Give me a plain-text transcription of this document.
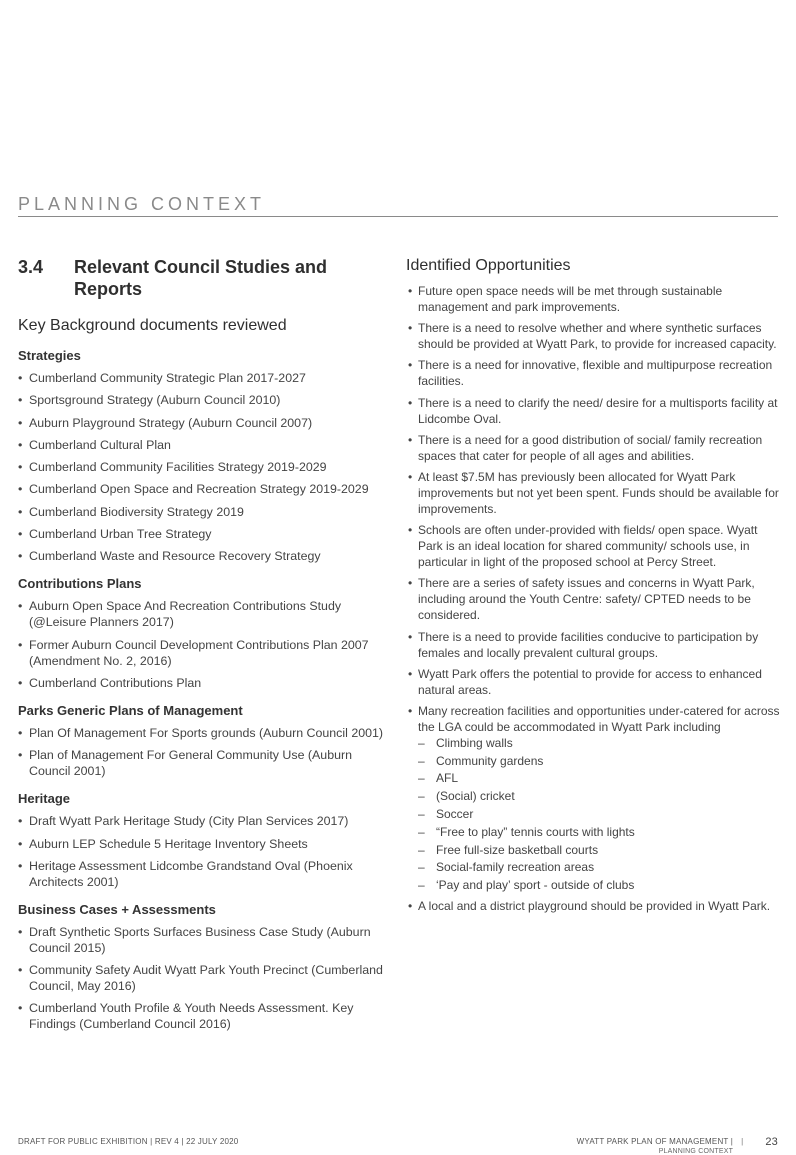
PLANNING CONTEXT
3.4	Relevant Council Studies and Reports
Key Background documents reviewed
Strategies
• Cumberland Community Strategic Plan 2017-2027
• Sportsground Strategy (Auburn Council 2010)
• Auburn Playground Strategy (Auburn Council 2007)
• Cumberland Cultural Plan
• Cumberland Community Facilities Strategy 2019-2029
• Cumberland Open Space and Recreation Strategy 2019-2029
• Cumberland Biodiversity Strategy 2019
• Cumberland Urban Tree Strategy
• Cumberland Waste and Resource Recovery Strategy
Contributions Plans
• Auburn Open Space And Recreation Contributions Study (@Leisure Planners 2017)
• Former Auburn Council Development Contributions Plan 2007 (Amendment No. 2, 2016)
• Cumberland Contributions Plan
Parks Generic Plans of Management
• Plan Of Management For Sports grounds (Auburn Council 2001)
• Plan of Management For General Community Use (Auburn Council 2001)
Heritage
• Draft Wyatt Park Heritage Study (City Plan Services 2017)
• Auburn LEP Schedule 5 Heritage Inventory Sheets
• Heritage Assessment Lidcombe Grandstand Oval (Phoenix Architects 2001)
Business Cases + Assessments
• Draft Synthetic Sports Surfaces Business Case Study (Auburn Council 2015)
• Community Safety Audit Wyatt Park Youth Precinct (Cumberland Council, May 2016)
• Cumberland Youth Profile & Youth Needs Assessment. Key Findings (Cumberland Council 2016)
Identified Opportunities
• Future open space needs will be met through sustainable management and park improvements.
• There is a need to resolve whether and where synthetic surfaces should be provided at Wyatt Park, to provide for increased capacity.
• There is a need for innovative, flexible and multipurpose recreation facilities.
• There is a need to clarify the need/ desire for a multisports facility at Lidcombe Oval.
• There is a need for a good distribution of social/ family recreation spaces that cater for people of all ages and abilities.
• At least $7.5M has previously been allocated for Wyatt Park improvements but not yet been spent. Funds should be available for improvements.
• Schools are often under-provided with fields/ open space. Wyatt Park is an ideal location for shared community/ schools use, in particular in light of the proposed school at Percy Street.
• There are a series of safety issues and concerns in Wyatt Park, including around the Youth Centre: safety/ CPTED needs to be considered.
• There is a need to provide facilities conducive to participation by females and locally prevalent cultural groups.
• Wyatt Park offers the potential to provide for access to enhanced natural areas.
• Many recreation facilities and opportunities under-catered for across the LGA could be accommodated in Wyatt Park including
– Climbing walls
– Community gardens
– AFL
– (Social) cricket
– Soccer
– “Free to play” tennis courts with lights
– Free full-size basketball courts
– Social-family recreation areas
– ‘Pay and play’ sport - outside of clubs
• A local and a district playground should be provided in Wyatt Park.
DRAFT FOR PUBLIC EXHIBITION | REV 4 | 22 JULY 2020	WYATT PARK PLAN OF MANAGEMENT |
PLANNING CONTEXT
| 23
